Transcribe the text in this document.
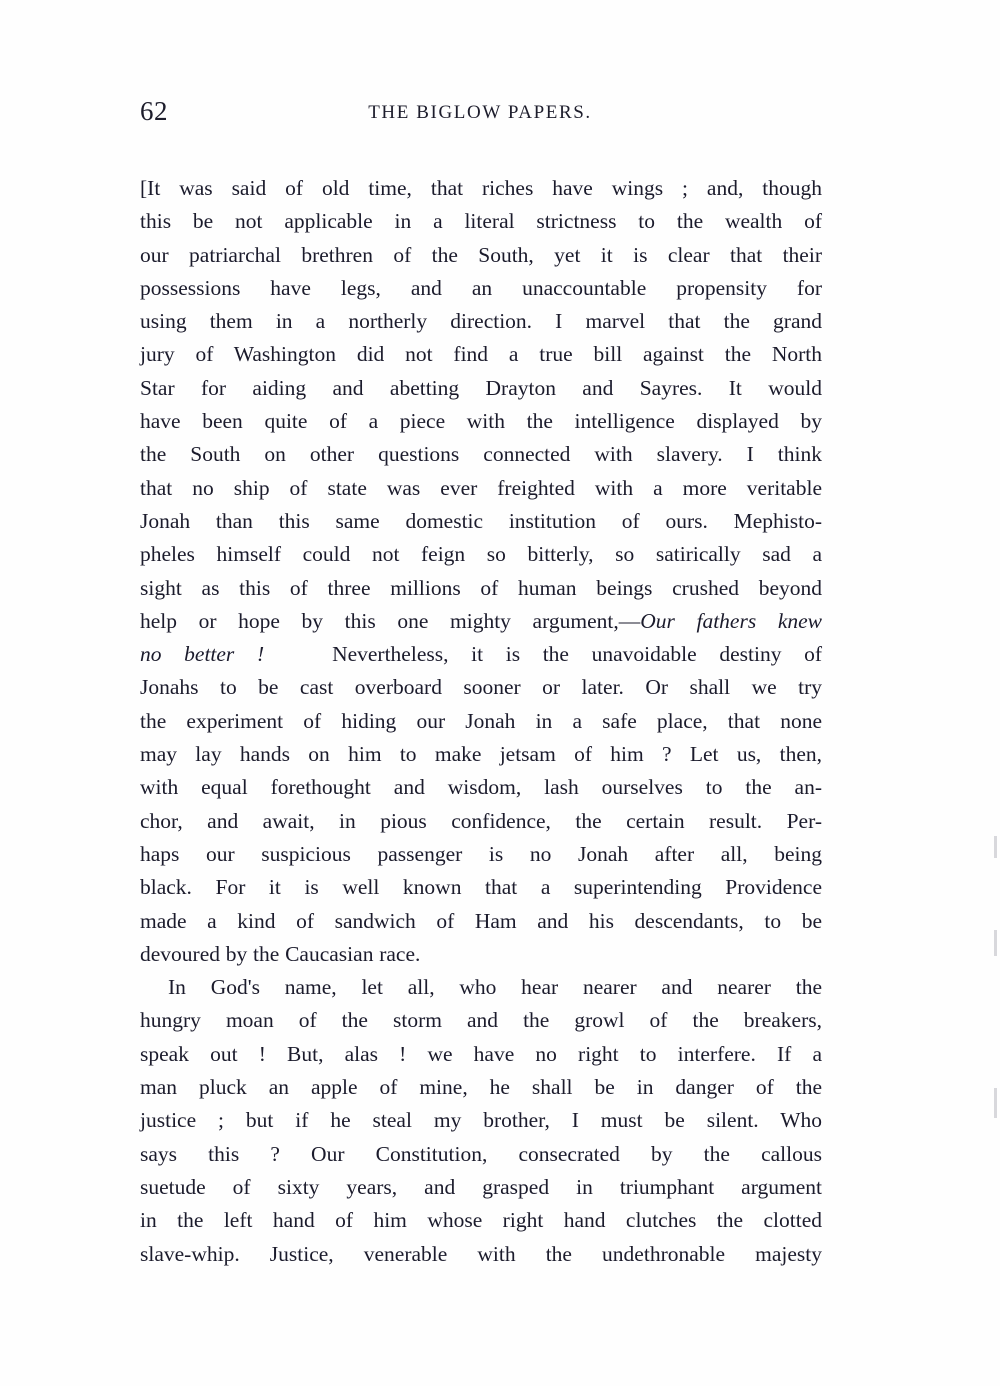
62	THE BIGLOW PAPERS.

[It was said of old time, that riches have wings ; and, though
this be not applicable in a literal strictness to the wealth of
our patriarchal brethren of the South, yet it is clear that their
possessions have legs, and an unaccountable propensity for
using them in a northerly direction. I marvel that the grand
jury of Washington did not find a true bill against the North
Star for aiding and abetting Drayton and Sayres. It would
have been quite of a piece with the intelligence displayed by
the South on other questions connected with slavery. I think
that no ship of state was ever freighted with a more veritable
Jonah than this same domestic institution of ours. Mephisto-
pheles himself could not feign so bitterly, so satirically sad a
sight as this of three millions of human beings crushed beyond
help or hope by this one mighty argument,—Our fathers knew
no better !	Nevertheless, it is the unavoidable destiny of
Jonahs to be cast overboard sooner or later. Or shall we try
the experiment of hiding our Jonah in a safe place, that none
may lay hands on him to make jetsam of him ? Let us, then,
with equal forethought and wisdom, lash ourselves to the an-
chor, and await, in pious confidence, the certain result. Per-
haps our suspicious passenger is no Jonah after all, being
black. For it is well known that a superintending Providence
made a kind of sandwich of Ham and his descendants, to be
devoured by the Caucasian race.

In God's name, let all, who hear nearer and nearer the
hungry moan of the storm and the growl of the breakers,
speak out ! But, alas ! we have no right to interfere. If a
man pluck an apple of mine, he shall be in danger of the
justice ; but if he steal my brother, I must be silent. Who
says this ? Our Constitution, consecrated by the callous
suetude of sixty years, and grasped in triumphant argument
in the left hand of him whose right hand clutches the clotted
slave-whip. Justice, venerable with the undethronable majesty
